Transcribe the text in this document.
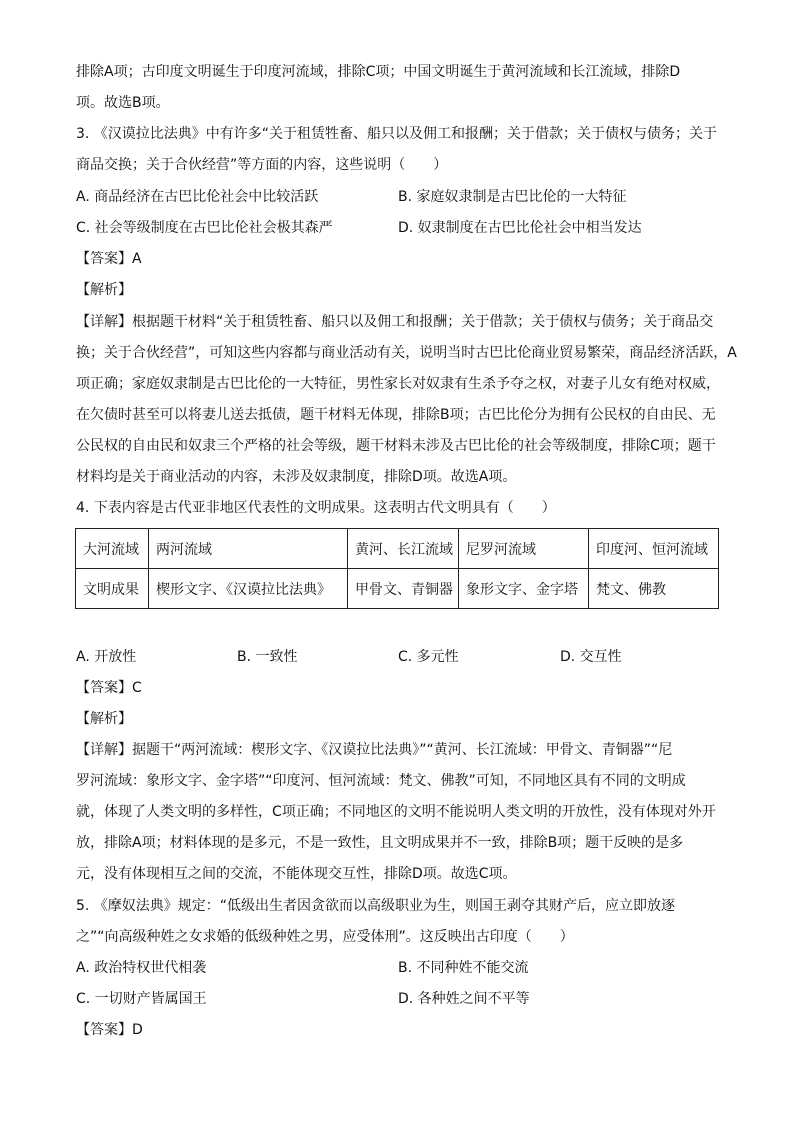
排除A项；古印度文明诞生于印度河流域，排除C项；中国文明诞生于黄河流域和长江流域，排除D
项。故选B项。
3. 《汉谟拉比法典》中有许多“关于租赁牲畜、船只以及佣工和报酬；关于借款；关于债权与债务；关于
商品交换；关于合伙经营”等方面的内容，这些说明（　　）
A. 商品经济在古巴比伦社会中比较活跃	B. 家庭奴隶制是古巴比伦的一大特征
C. 社会等级制度在古巴比伦社会极其森严	D. 奴隶制度在古巴比伦社会中相当发达
【答案】A
【解析】
【详解】根据题干材料“关于租赁牲畜、船只以及佣工和报酬；关于借款；关于债权与债务；关于商品交
换；关于合伙经营”，可知这些内容都与商业活动有关，说明当时古巴比伦商业贸易繁荣，商品经济活跃，A
项正确；家庭奴隶制是古巴比伦的一大特征，男性家长对奴隶有生杀予夺之权，对妻子儿女有绝对权威，
在欠债时甚至可以将妻儿送去抵债，题干材料无体现，排除B项；古巴比伦分为拥有公民权的自由民、无
公民权的自由民和奴隶三个严格的社会等级，题干材料未涉及古巴比伦的社会等级制度，排除C项；题干
材料均是关于商业活动的内容，未涉及奴隶制度，排除D项。故选A项。
4. 下表内容是古代亚非地区代表性的文明成果。这表明古代文明具有（　　）
大河流域	两河流域	黄河、长江流域	尼罗河流域	印度河、恒河流域
文明成果	楔形文字、《汉谟拉比法典》	甲骨文、青铜器	象形文字、金字塔	梵文、佛教
A. 开放性	B. 一致性	C. 多元性	D. 交互性
【答案】C
【解析】
【详解】据题干“两河流域：楔形文字、《汉谟拉比法典》”“黄河、长江流域：甲骨文、青铜器”“尼
罗河流域：象形文字、金字塔”“印度河、恒河流域：梵文、佛教”可知，不同地区具有不同的文明成
就，体现了人类文明的多样性，C项正确；不同地区的文明不能说明人类文明的开放性，没有体现对外开
放，排除A项；材料体现的是多元，不是一致性，且文明成果并不一致，排除B项；题干反映的是多
元，没有体现相互之间的交流，不能体现交互性，排除D项。故选C项。
5. 《摩奴法典》规定：“低级出生者因贪欲而以高级职业为生，则国王剥夺其财产后，应立即放逐
之”“向高级种姓之女求婚的低级种姓之男，应受体刑”。这反映出古印度（　　）
A. 政治特权世代相袭	B. 不同种姓不能交流
C. 一切财产皆属国王	D. 各种姓之间不平等
【答案】D
